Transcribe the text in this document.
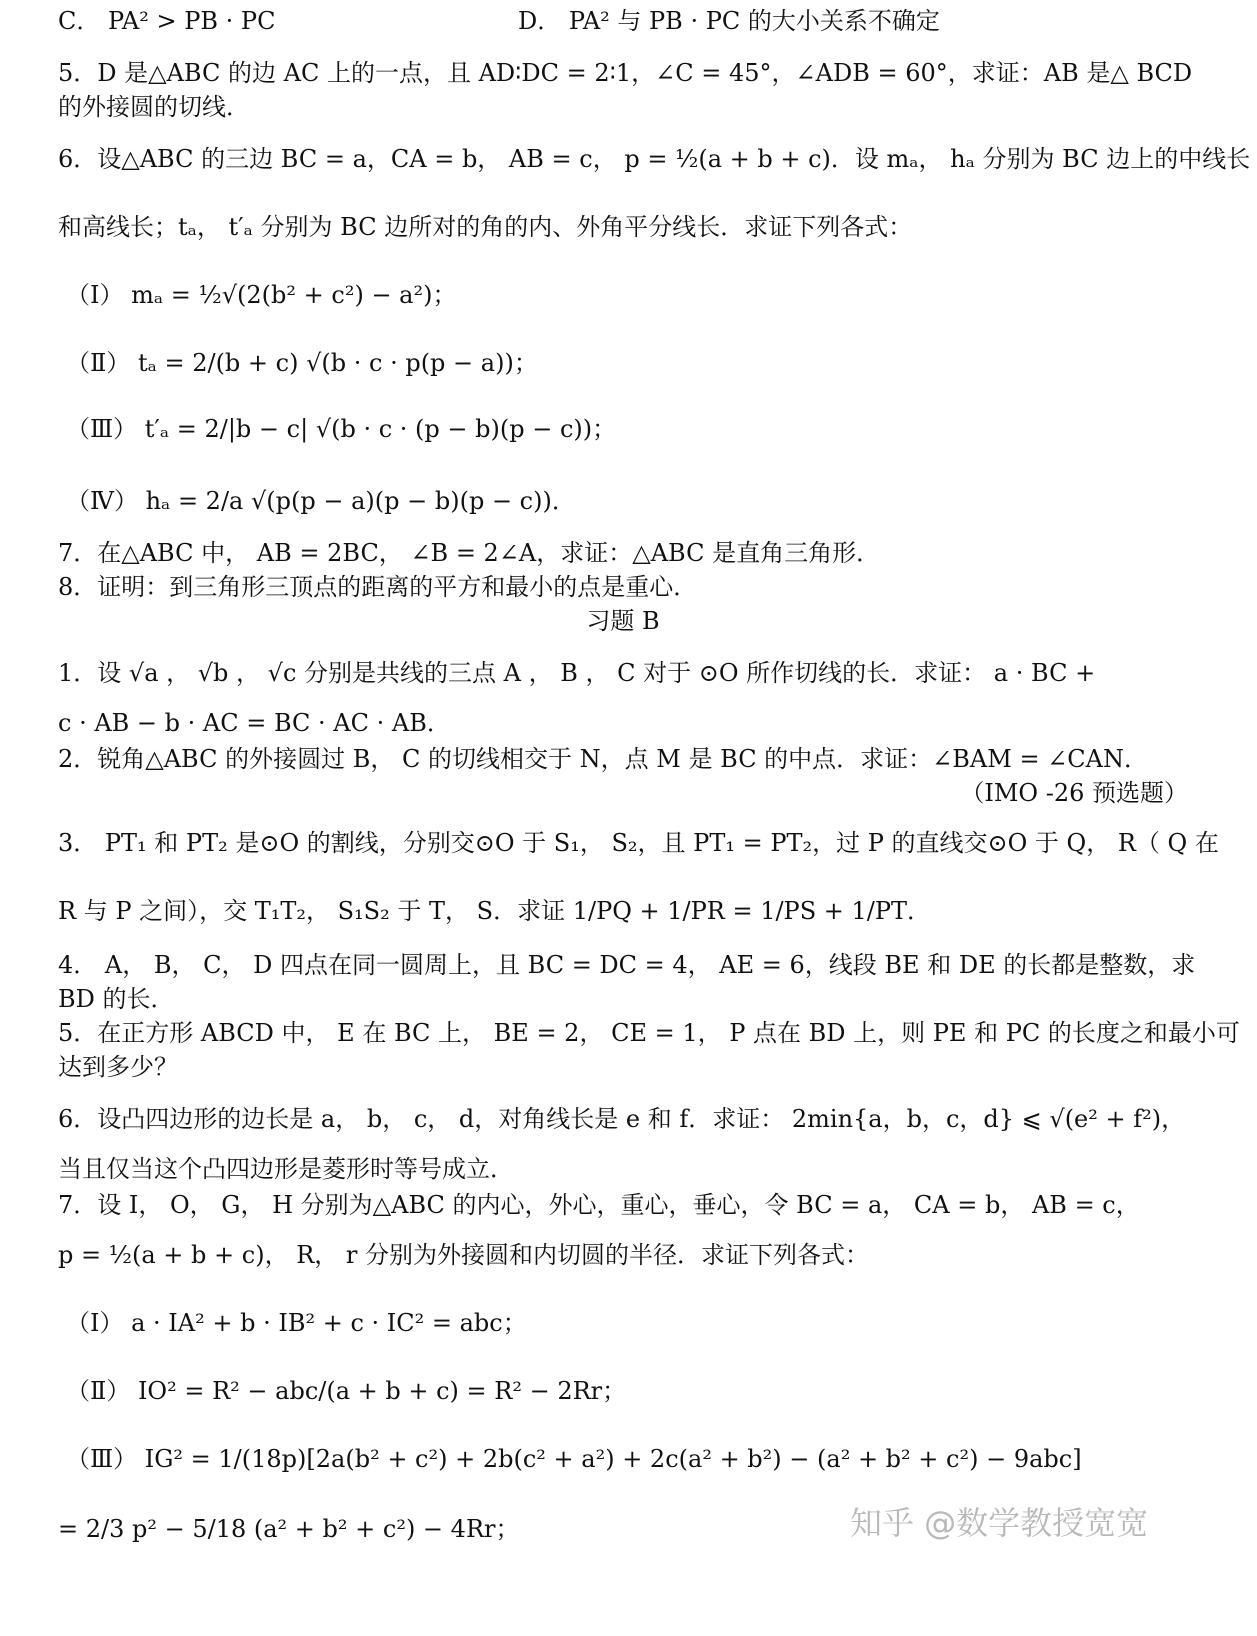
C． PA² > PB · PC	D． PA² 与 PB · PC 的大小关系不确定
5．D 是△ABC 的边 AC 上的一点，且 AD∶DC = 2∶1，∠C = 45°，∠ADB = 60°，求证：AB 是△ BCD
的外接圆的切线．
6．设△ABC 的三边 BC = a，CA = b， AB = c， p = ½(a + b + c)．设 mₐ， hₐ 分别为 BC 边上的中线长
和高线长；tₐ， t′ₐ 分别为 BC 边所对的角的内、外角平分线长．求证下列各式：
（Ⅰ） mₐ = ½√(2(b² + c²) − a²)；
（Ⅱ） tₐ = 2/(b + c) √(b · c · p(p − a))；
（Ⅲ） t′ₐ = 2/|b − c| √(b · c · (p − b)(p − c))；
（Ⅳ） hₐ = 2/a √(p(p − a)(p − b)(p − c))．
7．在△ABC 中， AB = 2BC， ∠B = 2∠A，求证：△ABC 是直角三角形．
8．证明：到三角形三顶点的距离的平方和最小的点是重心．
习题 B
1．设 √a ， √b ， √c 分别是共线的三点 A ， B ， C 对于 ⊙O 所作切线的长．求证： a · BC +
c · AB − b · AC = BC · AC · AB．
2．锐角△ABC 的外接圆过 B， C 的切线相交于 N，点 M 是 BC 的中点．求证：∠BAM = ∠CAN．
（IMO -26 预选题）
3． PT₁ 和 PT₂ 是⊙O 的割线，分别交⊙O 于 S₁， S₂，且 PT₁ = PT₂，过 P 的直线交⊙O 于 Q， R（ Q 在
R 与 P 之间），交 T₁T₂， S₁S₂ 于 T， S．求证 1/PQ + 1/PR = 1/PS + 1/PT．
4． A， B， C， D 四点在同一圆周上，且 BC = DC = 4， AE = 6，线段 BE 和 DE 的长都是整数，求
BD 的长．
5．在正方形 ABCD 中， E 在 BC 上， BE = 2， CE = 1， P 点在 BD 上，则 PE 和 PC 的长度之和最小可
达到多少？
6．设凸四边形的边长是 a， b， c， d，对角线长是 e 和 f．求证： 2min{a，b，c，d} ⩽ √(e² + f²)，
当且仅当这个凸四边形是菱形时等号成立．
7．设 I， O， G， H 分别为△ABC 的内心，外心，重心，垂心，令 BC = a， CA = b， AB = c，
p = ½(a + b + c)， R， r 分别为外接圆和内切圆的半径．求证下列各式：
（Ⅰ） a · IA² + b · IB² + c · IC² = abc；
（Ⅱ） IO² = R² − abc/(a + b + c) = R² − 2Rr；
（Ⅲ） IG² = 1/(18p)[2a(b² + c²) + 2b(c² + a²) + 2c(a² + b²) − (a² + b² + c²) − 9abc]
= 2/3 p² − 5/18 (a² + b² + c²) − 4Rr；	知乎 @数学教授宽宽
